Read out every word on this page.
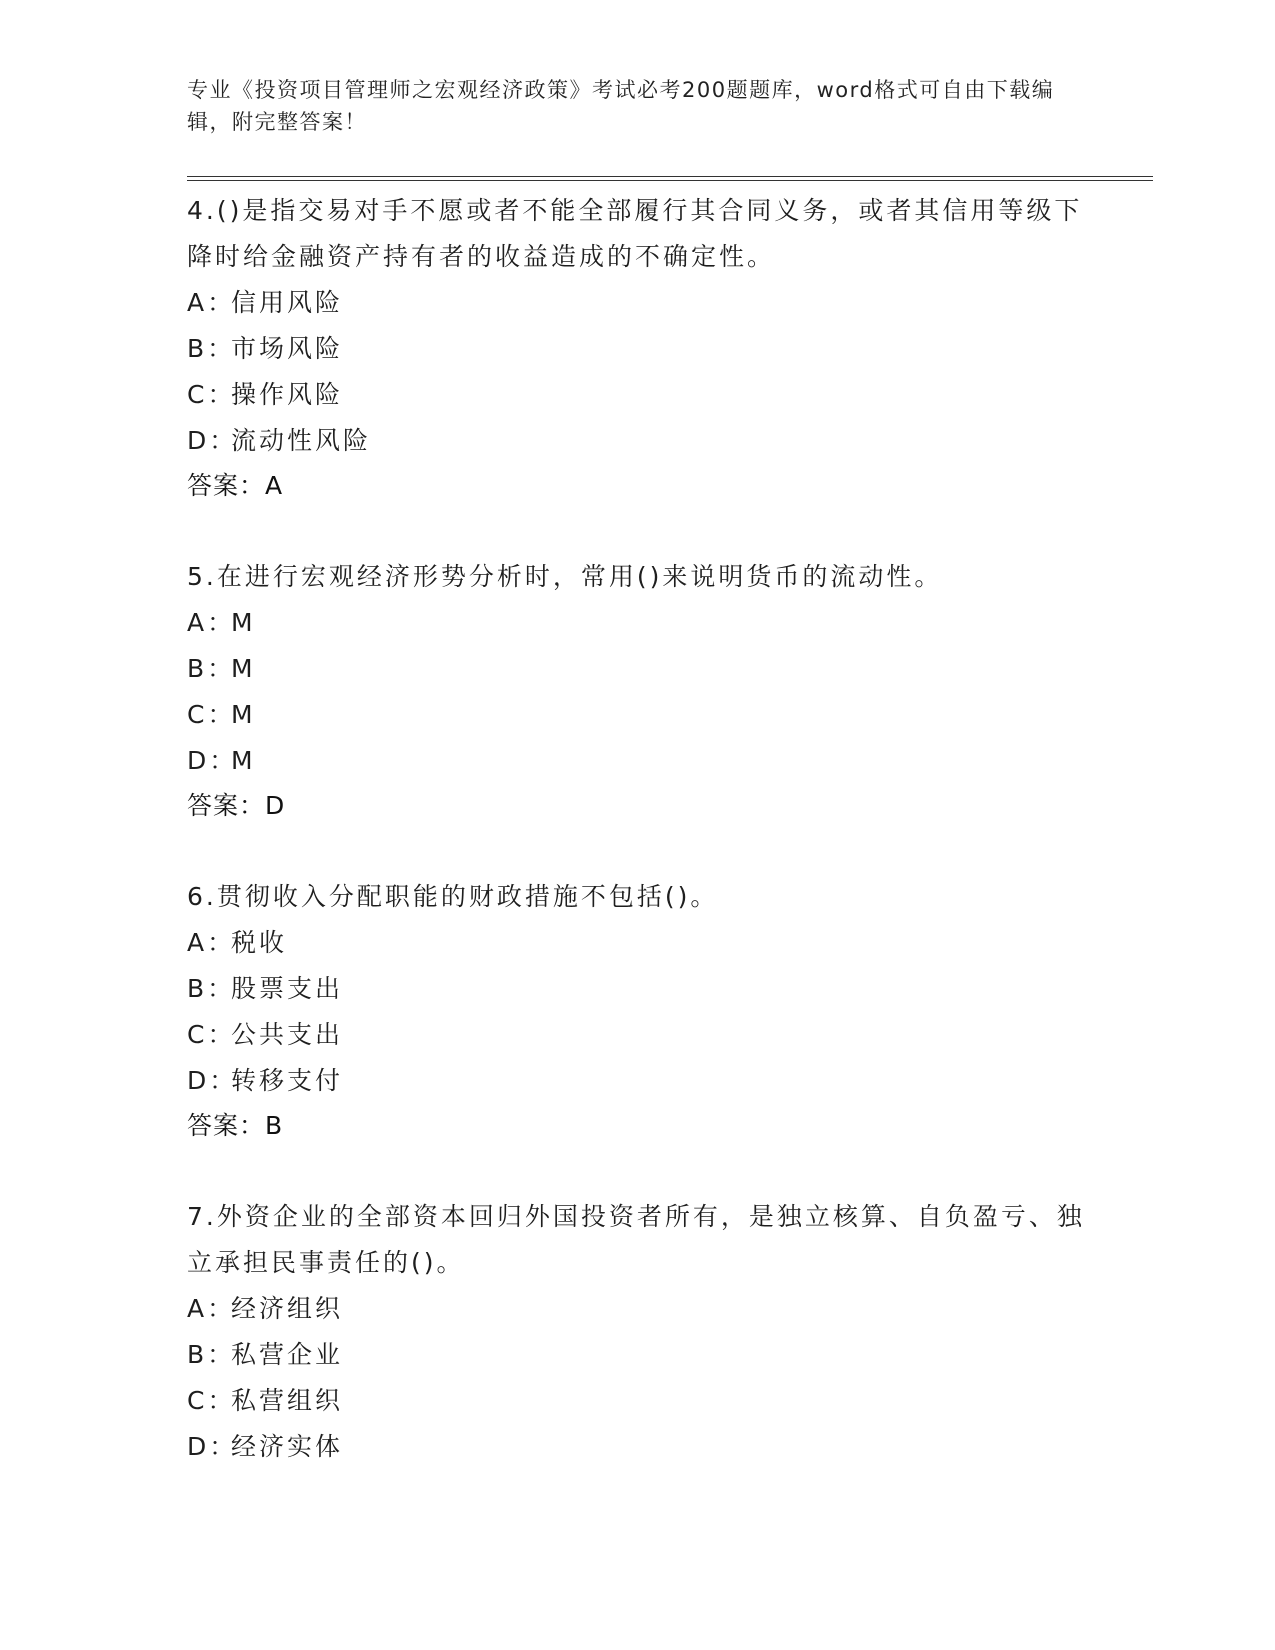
专业《投资项目管理师之宏观经济政策》考试必考200题题库，word格式可自由下载编辑，附完整答案！
4.()是指交易对手不愿或者不能全部履行其合同义务，或者其信用等级下降时给金融资产持有者的收益造成的不确定性。
A：信用风险
B：市场风险
C：操作风险
D：流动性风险
答案：A
5.在进行宏观经济形势分析时，常用()来说明货币的流动性。
A：M
B：M
C：M
D：M
答案：D
6.贯彻收入分配职能的财政措施不包括()。
A：税收
B：股票支出
C：公共支出
D：转移支付
答案：B
7.外资企业的全部资本回归外国投资者所有，是独立核算、自负盈亏、独立承担民事责任的()。
A：经济组织
B：私营企业
C：私营组织
D：经济实体
